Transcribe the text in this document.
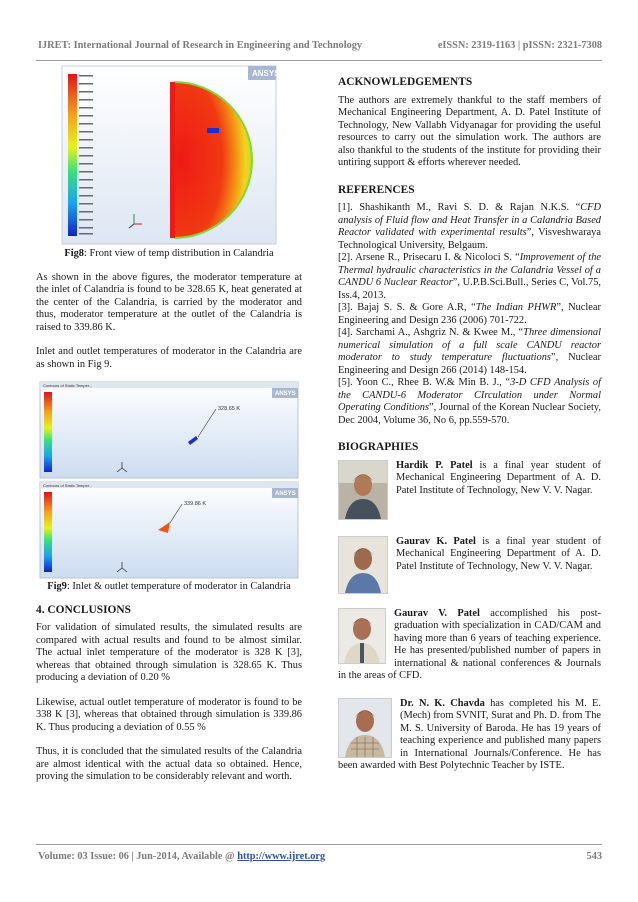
IJRET: International Journal of Research in Engineering and Technology	eISSN: 2319-1163 | pISSN: 2321-7308
ANSYS

Fig8: Front view of temp distribution in Calandria

As shown in the above figures, the moderator temperature at the inlet of Calandria is found to be 328.65 K, heat generated at the center of the Calandria, is carried by the moderator and thus, moderator temperature at the outlet of the Calandria is raised to 339.86 K.

Inlet and outlet temperatures of moderator in the Calandria are as shown in Fig 9.

Contours of Static Temper...
ANSYS
328.65 K
Contours of Static Temper...
ANSYS
339.86 K

Fig9: Inlet & outlet temperature of moderator in Calandria

4. CONCLUSIONS

For validation of simulated results, the simulated results are compared with actual results and found to be almost similar. The actual inlet temperature of the moderator is 328 K [3], whereas that obtained through simulation is 328.65 K. Thus producing a deviation of 0.20 %

Likewise, actual outlet temperature of moderator is found to be 338 K [3], whereas that obtained through simulation is 339.86 K. Thus producing a deviation of 0.55 %

Thus, it is concluded that the simulated results of the Calandria are almost identical with the actual data so obtained. Hence, proving the simulation to be considerably relevant and worth.

ACKNOWLEDGEMENTS

The authors are extremely thankful to the staff members of Mechanical Engineering Department, A. D. Patel Institute of Technology, New Vallabh Vidyanagar for providing the useful resources to carry out the simulation work. The authors are also thankful to the students of the institute for providing their untiring support & efforts wherever needed.

REFERENCES

[1]. Shashikanth M., Ravi S. D. & Rajan N.K.S. “CFD analysis of Fluid flow and Heat Transfer in a Calandria Based Reactor validated with experimental results”, Visveshwaraya Technological University, Belgaum.

[2]. Arsene R., Prisecaru I. & Nicoloci S. “Improvement of the Thermal hydraulic characteristics in the Calandria Vessel of a CANDU 6 Nuclear Reactor”, U.P.B.Sci.Bull., Series C, Vol.75, Iss.4, 2013.

[3]. Bajaj S. S. & Gore A.R, “The Indian PHWR”, Nuclear Engineering and Design 236 (2006) 701-722.

[4]. Sarchami A., Ashgriz N. & Kwee M., “Three dimensional numerical simulation of a full scale CANDU reactor moderator to study temperature fluctuations”, Nuclear Engineering and Design 266 (2014) 148-154.

[5]. Yoon C., Rhee B. W.& Min B. J., “3-D CFD Analysis of the CANDU-6 Moderator CIrculation under Normal Operating Conditions”, Journal of the Korean Nuclear Society, Dec 2004, Volume 36, No 6, pp.559-570.

BIOGRAPHIES

Hardik P. Patel is a final year student of Mechanical Engineering Department of A. D. Patel Institute of Technology, New V. V. Nagar.

Gaurav K. Patel is a final year student of Mechanical Engineering Department of A. D. Patel Institute of Technology, New V. V. Nagar.

Gaurav V. Patel accomplished his post-graduation with specialization in CAD/CAM and having more than 6 years of teaching experience. He has presented/published number of papers in international & national conferences & Journals in the areas of CFD.

Dr. N. K. Chavda has completed his M. E. (Mech) from SVNIT, Surat and Ph. D. from The M. S. University of Baroda. He has 19 years of teaching experience and published many papers in International Journals/Conference. He has been awarded with Best Polytechnic Teacher by ISTE.

Volume: 03 Issue: 06 | Jun-2014, Available @ http://www.ijret.org	543
